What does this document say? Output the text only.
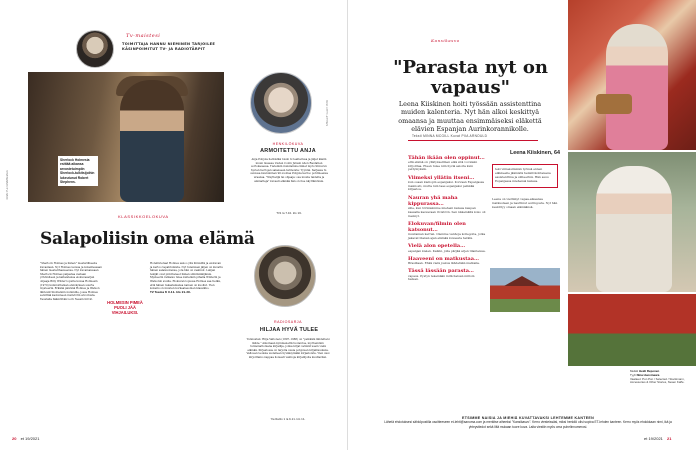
Tv-maistesi
TOIMITTAJA HANNU NIEMINEN TARJOILEE KÄSINPOIMITUT TV- JA RADIOTÄRPIT
Sherlock Holmesia esittää aikansa arvostetuimpiin Sherlock-tulkitsijoihin lukeutunut Robert Stephens.
KUVA: YLE KUVAPALVELU
KUVA: ANTTI LEHTINEN
HENKILÖKUVA
ARMOITETTU ANJA

Anja Pohjola herkistää toisin tv-teatterissa ja jäljet käsiin muun muassa Uuden roolin Juhani Ahon Rautatien sortokauessa. Tietenkin muistamme hänet myös 90-luvun hyvien herrojen sakeiseen-tarinoista: Tyynnä. Sarjassa tv-osioissa kuuluminen 90-vuotias Pohjola kertoo pohtineensa uraansa. "Näyttelijä tai ohjaaja: osa muuta taidetta ja ammatteja" kuvasti elämää hän on itse näyttämönsä.

TV1 la 7.10. klo 19.
KLASSIKKOELOKUVA
Salapoliisin oma elämä
"Sherlock Holmes ja hänen" mestarillisesta kuvastaan. Nyt Holmes isoissa ja kokeillessaan hänen mestarihaaveensa. Nyt kuvamaissaan Sherlock Holmes paljastaa vastaan yöhömiteen ja kaltaistensa elokuvasarjan ohjaaja Billy Wilder lopulta kuvaa Holmesin (1970) kunnioittaman etsiväyksen suurta mysteeriä. Eräänä päivänä Holmes ja Watson lähtevät Skotlannin nummille, jossa Holmes selvittää kadonneen insinöörin arvoitusta. Taustalla häämöttää Loch Nessin hirviö.
HOLMESIN PIMEÄ PUOLI JÄÄ VIHJAILUKSI.
Hotellivieraat Holmes sanoo yhä ihmisiltä ja elokuvan ja kertoo tapahtumista. Nyt tulemisen jäljen on kuvattu hänen salaisuutensa, jota hän on vaalinut. Lahjan tekijät ovat piilottaneet hänen silminnäkijänsä. Mysteerin ratkaisu tulee kuitenkin pihalla Wilderin ja Watsonin avulla. Elokuvan lopussa Holmes saa tietää, että hänen rakastamansa nainen on kuollut. Ylen kokeilu on muuten korkeatasoinen klassikko.
TV Teema ti 9.11. klo 21.20.
RADIOSARJA
HILJAA HYVÄ TULEE
Tunnustan: Hilja Valtonen (1897–1988) on "pelkkäni lähdetteni lähde." Aikoinaan kymmenettä tuotantoa, myöhemmin tuntemattomana kirjailija, jonka kirjat vetävät usein vielä elämää. Kirjastossa on tarjolla uusia pohjoisen kirjallisuuksia. Valtosen teoksia uudelleen hyväksymään kirjastoista. Ylen uusi kirjoittamo nappaa iloisesti vanhoja kirjailijoita kuultaviksi.
Yle Radio 1 la 6.11. klo 11.
20 et 19/2021
Kansikasvo
"Parasta nyt on vapaus"
Leena Kiiskinen hoiti työssään assistenttina muiden kalenteria. Nyt hän alkoi keskittyä omaansa ja muuttaa ensimmäiseksi eläkettä elävien Espanjan Aurinkorannikolle.
Teksti MINNA MCGILL Kuvat PIIA ARNOULD
Tähän ikään olen oppinut…
että elämä on yllätyksellinen eikä sitä voi käsin kirjoittaa. Eteen tulee niin hyviä asioita kuin pettymyksiä.
Viimeksi yllätin itseni…
kun osaan kieliopin espanjaksi. Korvaan Espanjassa mainiosti, mutta luin taas espanjaksi pelkkää kirjastoa.
Nauran yhä maha kippurassa…
sille, kun törmäsimme mieheni kanssa kaupan kassalla kasvavaan rivistöön. Sen näkemällä koko oli mennyt.
Elokuvan/filmin olen katsonut…
muutaman kerran. Olemme vanhoja kollegoita, jotka jakavat ihanan ajan elämää kuvaavia hetkiä.
Vielä alon opetella…
espanjan kielen. Kaikki, jolla pärjää arjen tilanteissa.
Haaveeni on matkustaa…
Brasiliaan. Ehkä vielä joskus lähdetään matkalle.
Tässä lässään parasta…
vapaus. Pystyn tekemään mitä haluan milloin haluan.
Leena Kiiskinen, 64
teki viimeisimmän työnsä ennen eläkkeelle jäämistä henkilökohtaisena assistenttina ja sihteerinä. Hän asuu Espanjassa miehensä kanssa.
Leena on viettänyt vapaa-aikaansa matkustaen ja nauttinut auringosta. Nyt hän keskittyy omaan elämäänsä.
Meikki Heidi Reponen
Tyyli Nina Huovinaara
Vaatteet: Pon Pon / Selected / Stockmann, Accessories & Other Stories, Nesen Kaffe.
ETSIMME NAISIA JA MIEHIÄ KUVATTAVAKSI LEHTEMME KANTEEN
Lähetä ehdotuksesi sähköpostilla osoitteeseen et-lehti@sanoma.com ja merkitse aiheeksi "Kansikasvo". Kerro viesteissäsi, miksi henkilö olisi sopiva ET-lehden kanteen. Kerro myös ehdokkaan nimi, ikä ja yhteystiedot sekä liitä mukaan tuore kuva. Laita viestiin myös oma puhelinnumerosi.
et 19/2021 21
